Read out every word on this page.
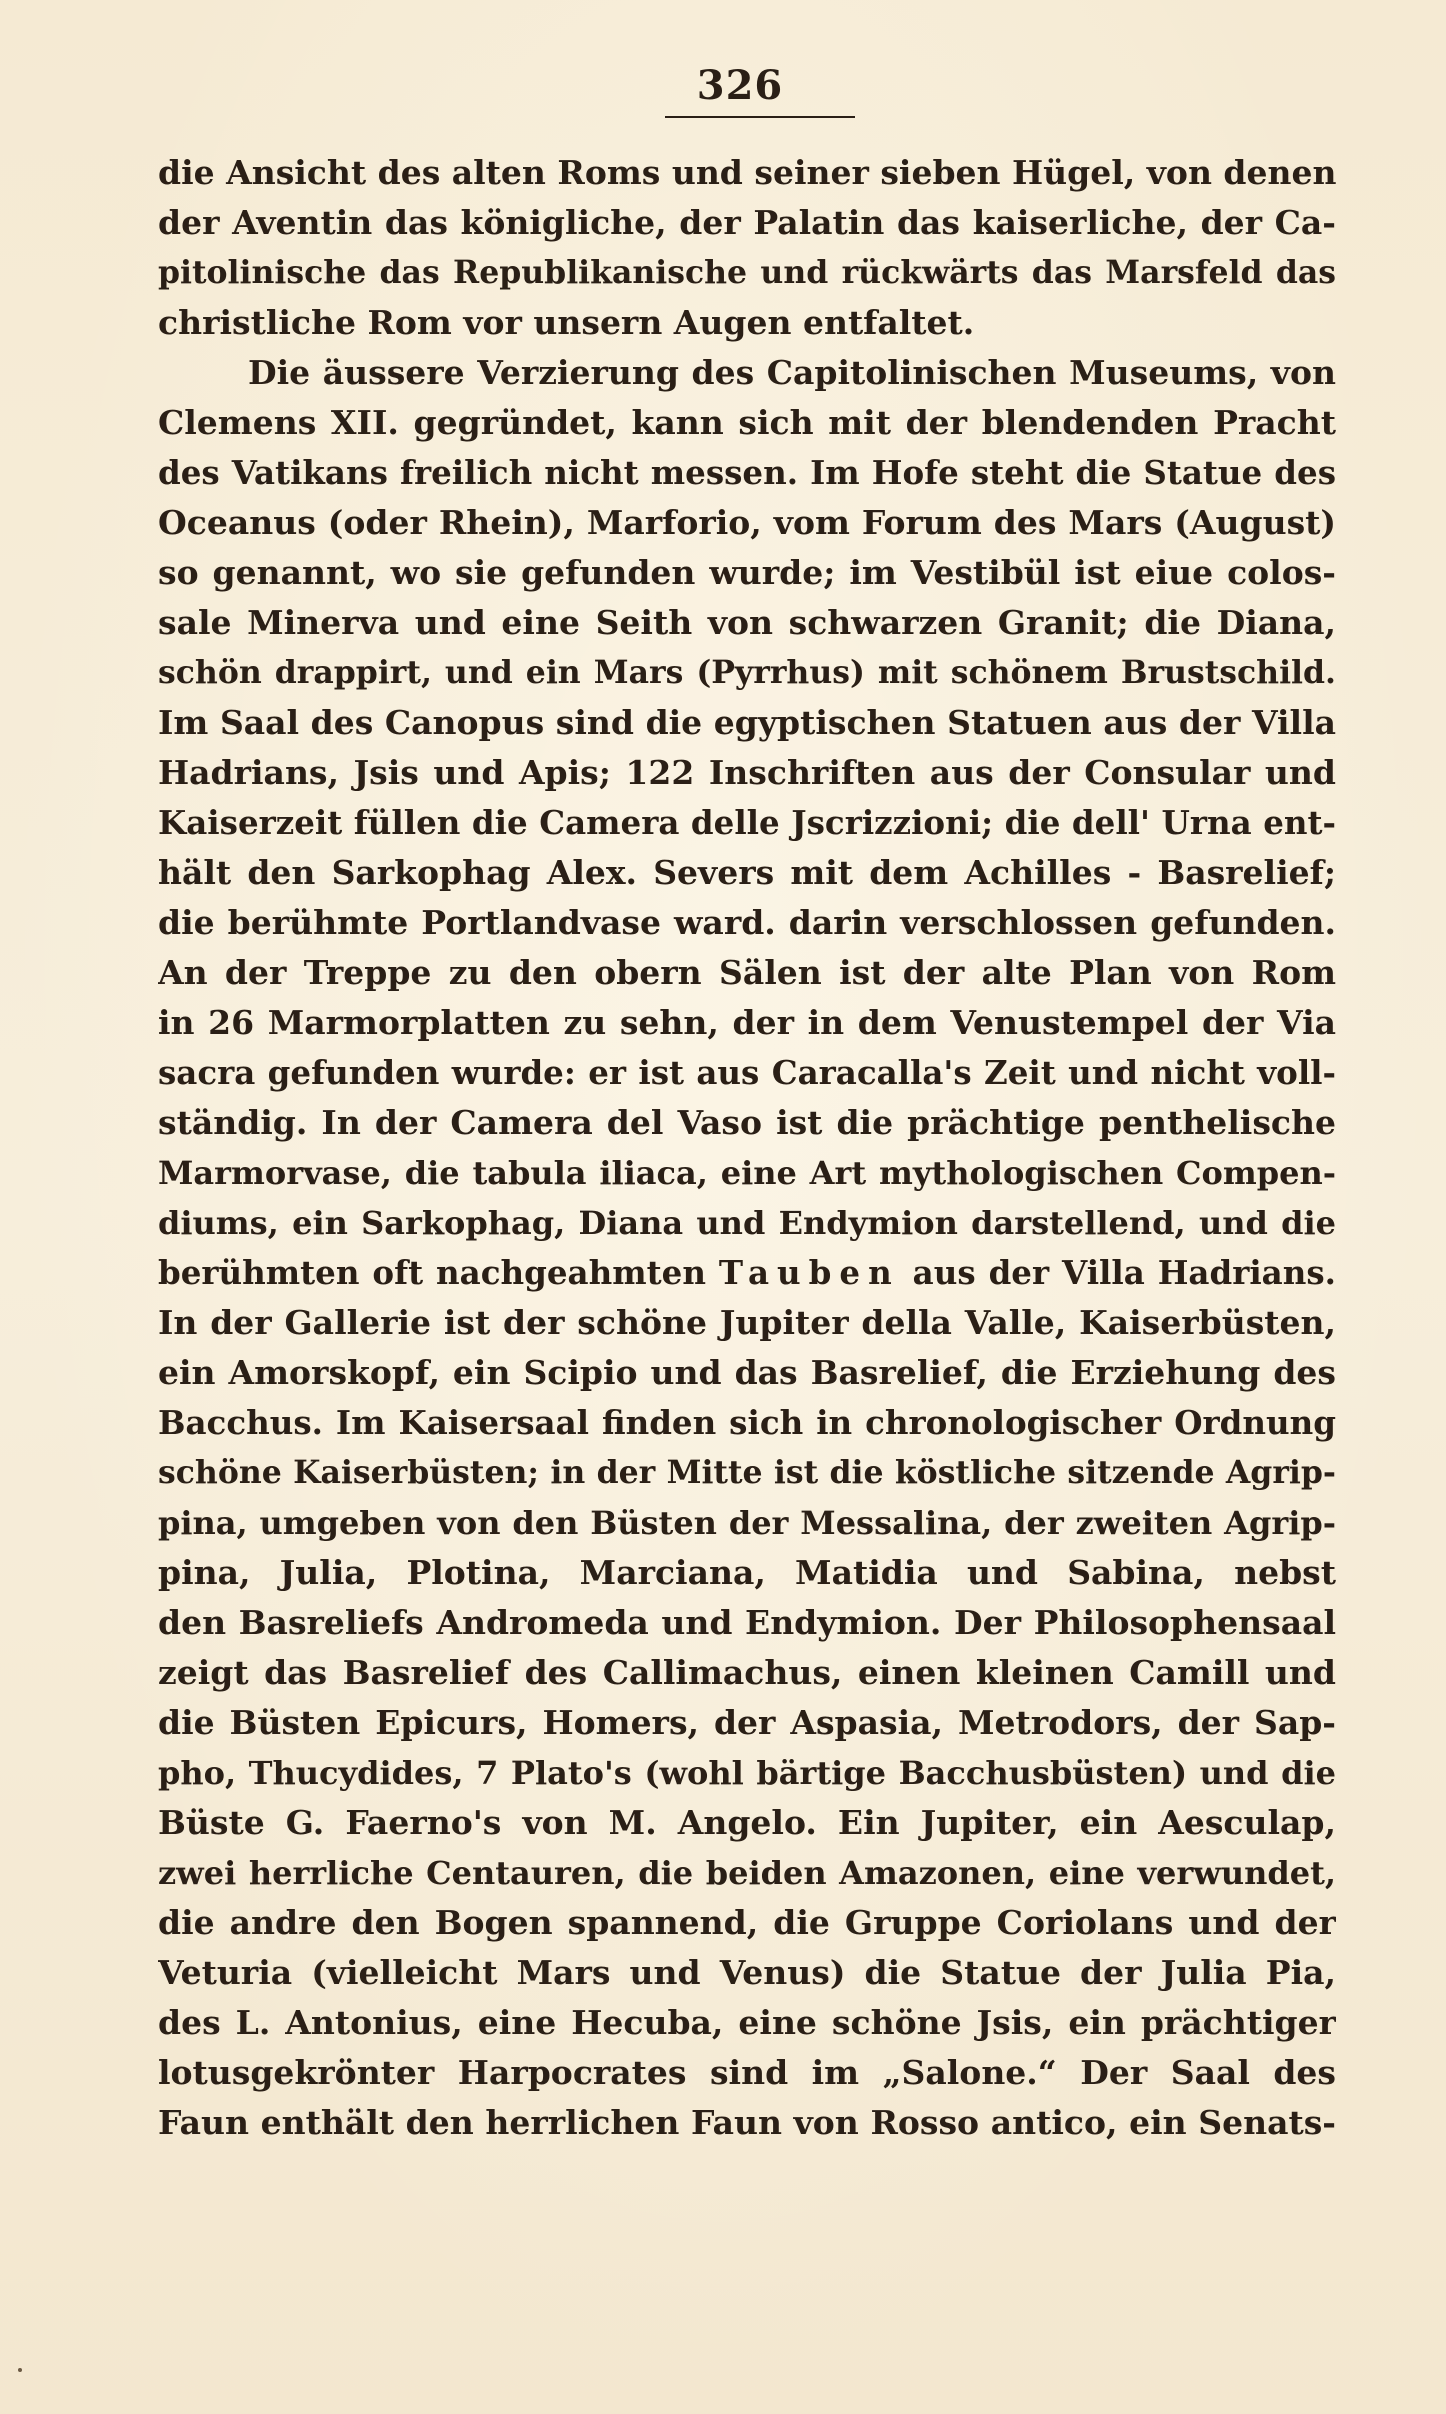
326
die Ansicht des alten Roms und seiner sieben Hügel, von denen
der Aventin das königliche, der Palatin das kaiserliche, der Ca-
pitolinische das Republikanische und rückwärts das Marsfeld das
christliche Rom vor unsern Augen entfaltet.
Die äussere Verzierung des Capitolinischen Museums, von
Clemens XII. gegründet, kann sich mit der blendenden Pracht
des Vatikans freilich nicht messen. Im Hofe steht die Statue des
Oceanus (oder Rhein), Marforio, vom Forum des Mars (August)
so genannt, wo sie gefunden wurde; im Vestibül ist eiue colos-
sale Minerva und eine Seith von schwarzen Granit; die Diana,
schön drappirt, und ein Mars (Pyrrhus) mit schönem Brustschild.
Im Saal des Canopus sind die egyptischen Statuen aus der Villa
Hadrians, Jsis und Apis; 122 Inschriften aus der Consular und
Kaiserzeit füllen die Camera delle Jscrizzioni; die dell' Urna ent-
hält den Sarkophag Alex. Severs mit dem Achilles - Basrelief;
die berühmte Portlandvase ward. darin verschlossen gefunden.
An der Treppe zu den obern Sälen ist der alte Plan von Rom
in 26 Marmorplatten zu sehn, der in dem Venustempel der Via
sacra gefunden wurde: er ist aus Caracalla's Zeit und nicht voll-
ständig. In der Camera del Vaso ist die prächtige penthelische
Marmorvase, die tabula iliaca, eine Art mythologischen Compen-
diums, ein Sarkophag, Diana und Endymion darstellend, und die
berühmten oft nachgeahmten Tauben aus der Villa Hadrians.
In der Gallerie ist der schöne Jupiter della Valle, Kaiserbüsten,
ein Amorskopf, ein Scipio und das Basrelief, die Erziehung des
Bacchus. Im Kaisersaal finden sich in chronologischer Ordnung
schöne Kaiserbüsten; in der Mitte ist die köstliche sitzende Agrip-
pina, umgeben von den Büsten der Messalina, der zweiten Agrip-
pina, Julia, Plotina, Marciana, Matidia und Sabina, nebst
den Basreliefs Andromeda und Endymion. Der Philosophensaal
zeigt das Basrelief des Callimachus, einen kleinen Camill und
die Büsten Epicurs, Homers, der Aspasia, Metrodors, der Sap-
pho, Thucydides, 7 Plato's (wohl bärtige Bacchusbüsten) und die
Büste G. Faerno's von M. Angelo. Ein Jupiter, ein Aesculap,
zwei herrliche Centauren, die beiden Amazonen, eine verwundet,
die andre den Bogen spannend, die Gruppe Coriolans und der
Veturia (vielleicht Mars und Venus) die Statue der Julia Pia,
des L. Antonius, eine Hecuba, eine schöne Jsis, ein prächtiger
lotusgekrönter Harpocrates sind im „Salone.“ Der Saal des
Faun enthält den herrlichen Faun von Rosso antico, ein Senats-
